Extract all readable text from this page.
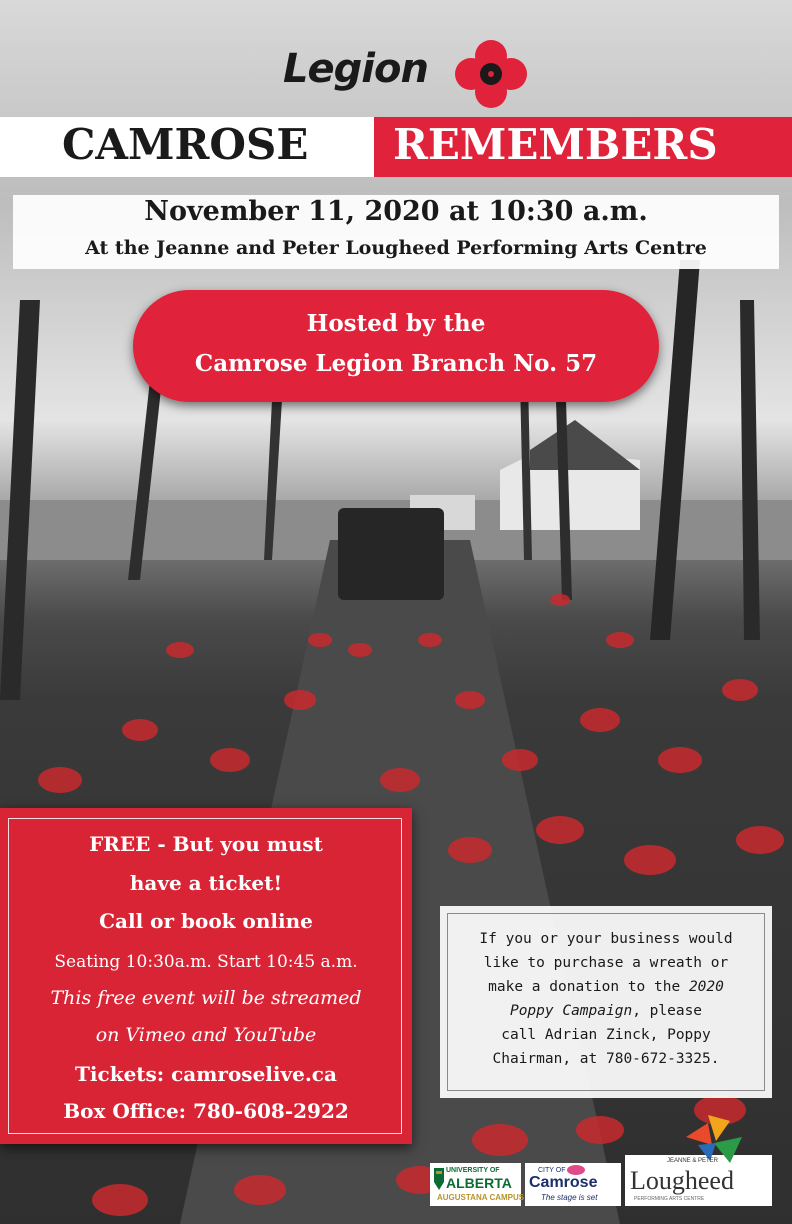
Legion
CAMROSE REMEMBERS
November 11, 2020 at 10:30 a.m.
At the Jeanne and Peter Lougheed Performing Arts Centre
Hosted by the
Camrose Legion Branch No. 57
FREE - But you must
have a ticket!
Call or book online
Seating 10:30a.m. Start 10:45 a.m.
This free event will be streamed
on Vimeo and YouTube
Tickets: camroselive.ca
Box Office: 780-608-2922
If you or your business would
like to purchase a wreath or
make a donation to the 2020
Poppy Campaign, please
call Adrian Zinck, Poppy
Chairman, at 780-672-3325.
UNIVERSITY OF
ALBERTA
AUGUSTANA CAMPUS
CITY OF
Camrose
The stage is set
JEANNE & PETER
Lougheed
PERFORMING ARTS CENTRE
